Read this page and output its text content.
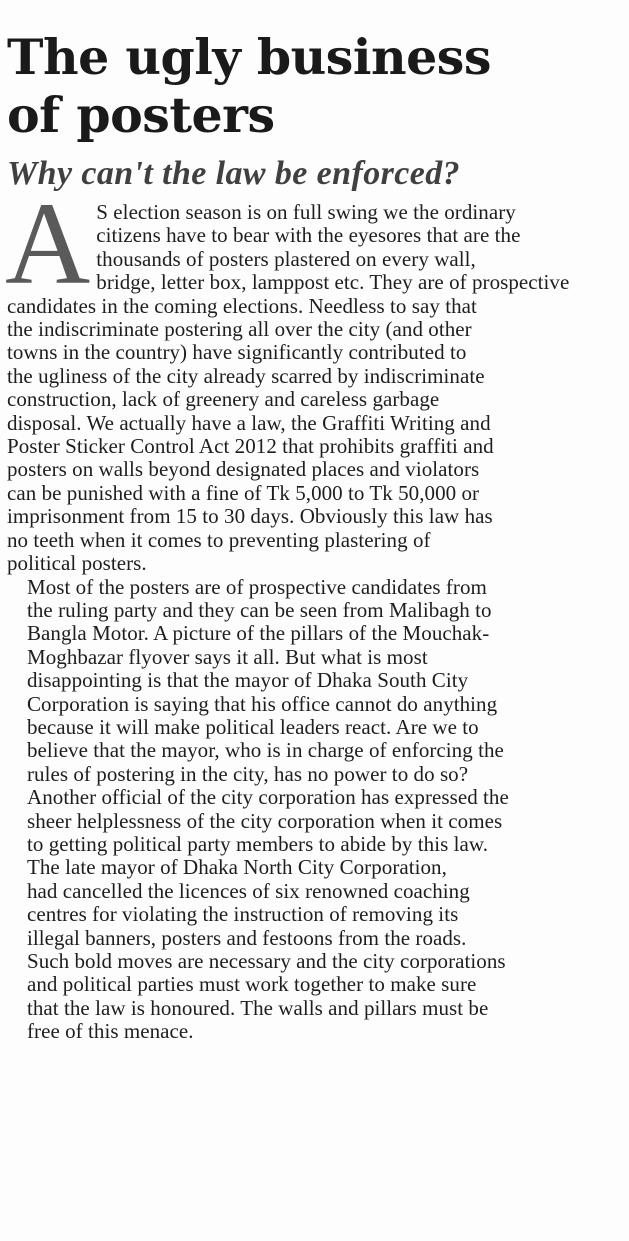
The ugly business
of posters
Why can't the law be enforced?

A S election season is on full swing we the ordinary
citizens have to bear with the eyesores that are the
thousands of posters plastered on every wall,
bridge, letter box, lamppost etc. They are of prospective
candidates in the coming elections. Needless to say that
the indiscriminate postering all over the city (and other
towns in the country) have significantly contributed to
the ugliness of the city already scarred by indiscriminate
construction, lack of greenery and careless garbage
disposal. We actually have a law, the Graffiti Writing and
Poster Sticker Control Act 2012 that prohibits graffiti and
posters on walls beyond designated places and violators
can be punished with a fine of Tk 5,000 to Tk 50,000 or
imprisonment from 15 to 30 days. Obviously this law has
no teeth when it comes to preventing plastering of
political posters.

Most of the posters are of prospective candidates from
the ruling party and they can be seen from Malibagh to
Bangla Motor. A picture of the pillars of the Mouchak-
Moghbazar flyover says it all. But what is most
disappointing is that the mayor of Dhaka South City
Corporation is saying that his office cannot do anything
because it will make political leaders react. Are we to
believe that the mayor, who is in charge of enforcing the
rules of postering in the city, has no power to do so?
Another official of the city corporation has expressed the
sheer helplessness of the city corporation when it comes
to getting political party members to abide by this law.

The late mayor of Dhaka North City Corporation,
had cancelled the licences of six renowned coaching
centres for violating the instruction of removing its
illegal banners, posters and festoons from the roads.
Such bold moves are necessary and the city corporations
and political parties must work together to make sure
that the law is honoured. The walls and pillars must be
free of this menace.
